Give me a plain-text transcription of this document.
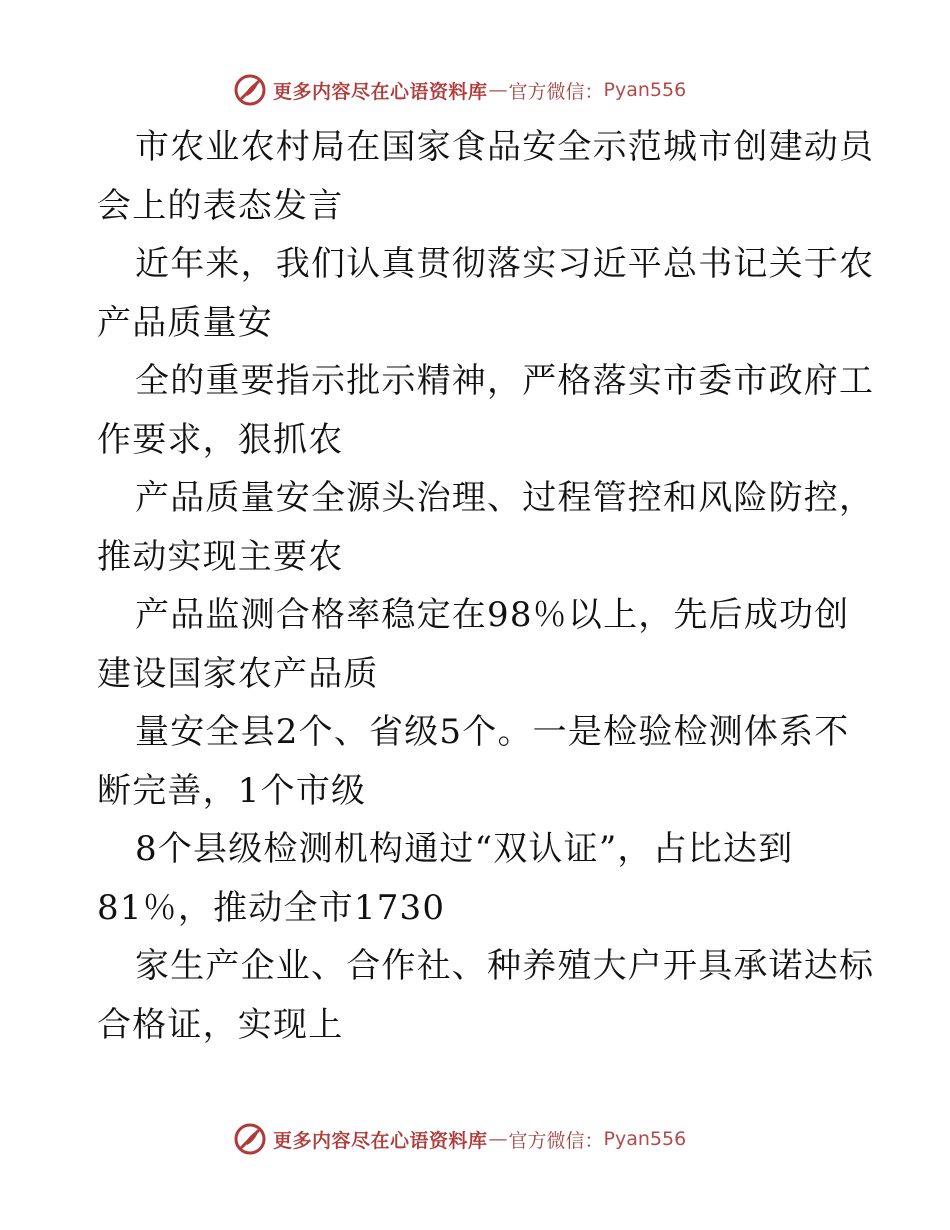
更多内容尽在心语资料库 — 官方微信： Pyan556

市农业农村局在国家食品安全示范城市创建动员

会上的表态发言

近年来，我们认真贯彻落实习近平总书记关于农

产品质量安

全的重要指示批示精神，严格落实市委市政府工

作要求，狠抓农

产品质量安全源头治理、过程管控和风险防控，

推动实现主要农

产品监测合格率稳定在98％以上，先后成功创

建设国家农产品质

量安全县2个、省级5个。一是检验检测体系不

断完善，1个市级

8个县级检测机构通过“双认证”，占比达到

81％，推动全市1730

家生产企业、合作社、种养殖大户开具承诺达标

合格证，实现上

更多内容尽在心语资料库 — 官方微信： Pyan556
